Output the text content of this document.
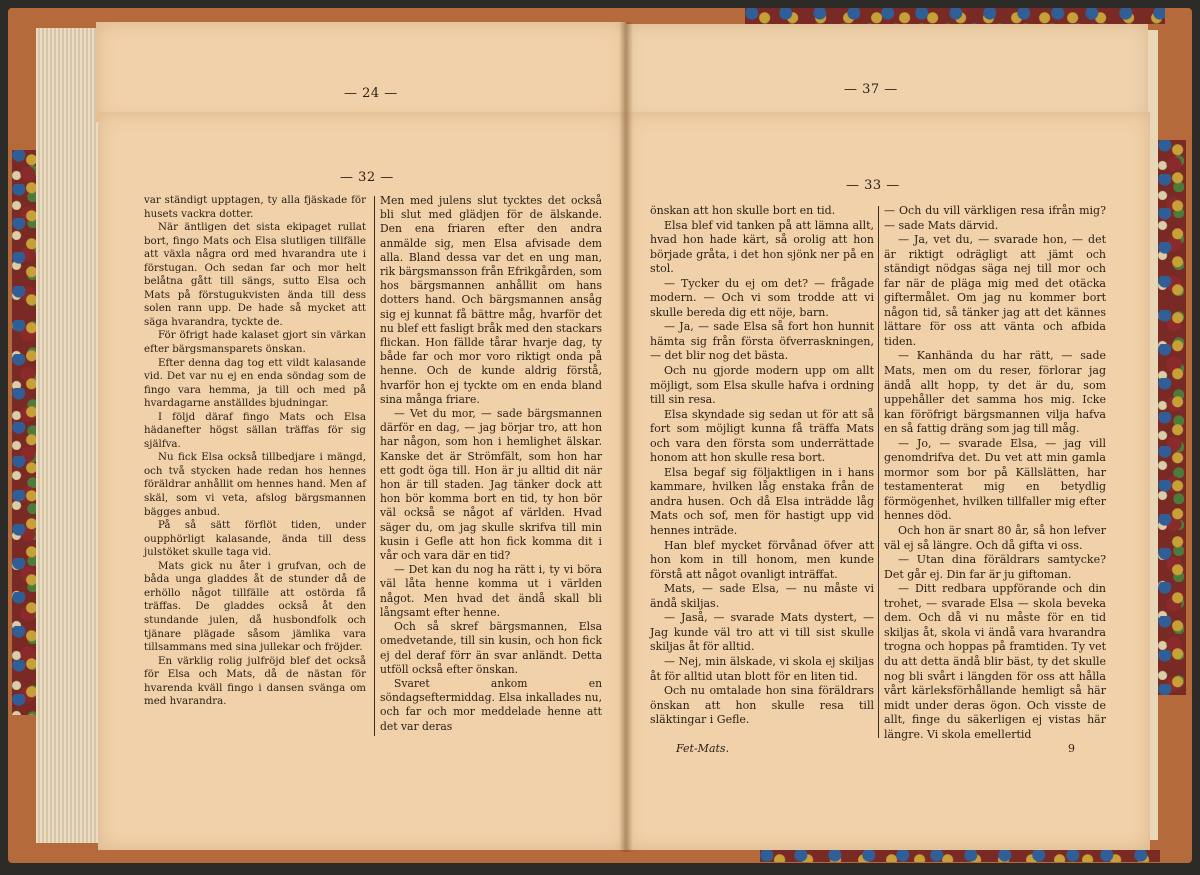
— 24 —	— 37 —
— 32 —

var ständigt upptagen, ty alla fjäskade för husets vackra dotter.

När äntligen det sista ekipaget rullat bort, fingo Mats och Elsa slutligen tillfälle att växla några ord med hvarandra ute i förstugan. Och sedan far och mor helt belåtna gått till sängs, sutto Elsa och Mats på förstugukvisten ända till dess solen rann upp. De hade så mycket att säga hvarandra, tyckte de.

För öfrigt hade kalaset gjort sin värkan efter bärgsmansparets önskan.

Efter denna dag tog ett vildt kalasande vid. Det var nu ej en enda söndag som de fingo vara hemma, ja till och med på hvardagarne anställdes bjudningar.

I följd däraf fingo Mats och Elsa hädanefter högst sällan träffas för sig själfva.

Nu fick Elsa också tillbedjare i mängd, och två stycken hade redan hos hennes föräldrar anhållit om hennes hand. Men af skäl, som vi veta, afslog bärgsmannen bägges anbud.

På så sätt förflöt tiden, under oupphörligt kalasande, ända till dess julstöket skulle taga vid.

Mats gick nu åter i grufvan, och de båda unga gladdes åt de stunder då de erhöllo något tillfälle att ostörda få träffas. De gladdes också åt den stundande julen, då husbondfolk och tjänare plägade såsom jämlika vara tillsammans med sina jullekar och fröjder.

En värklig rolig julfröjd blef det också för Elsa och Mats, då de nästan för hvarenda kväll fingo i dansen svänga om med hvarandra.

Men med julens slut tycktes det också bli slut med glädjen för de älskande. Den ena friaren efter den andra anmälde sig, men Elsa afvisade dem alla. Bland dessa var det en ung man, rik bärgsmansson från Efrikgården, som hos bärgsmannen anhållit om hans dotters hand. Och bärgsmannen ansåg sig ej kunnat få bättre måg, hvarför det nu blef ett fasligt bråk med den stackars flickan. Hon fällde tårar hvarje dag, ty både far och mor voro riktigt onda på henne. Och de kunde aldrig förstå, hvarför hon ej tyckte om en enda bland sina många friare.

— Vet du mor, — sade bärgsmannen därför en dag, — jag börjar tro, att hon har någon, som hon i hemlighet älskar. Kanske det är Strömfält, som hon har ett godt öga till. Hon är ju alltid dit när hon är till staden. Jag tänker dock att hon bör komma bort en tid, ty hon bör väl också se något af världen. Hvad säger du, om jag skulle skrifva till min kusin i Gefle att hon fick komma dit i vår och vara där en tid?

— Det kan du nog ha rätt i, ty vi böra väl låta henne komma ut i världen något. Men hvad det ändå skall bli långsamt efter henne.

Och så skref bärgsmannen, Elsa omedvetande, till sin kusin, och hon fick ej del deraf förr än svar anländt. Detta utföll också efter önskan.

Svaret ankom en söndagseftermiddag. Elsa inkallades nu, och far och mor meddelade henne att det var deras

— 33 —

önskan att hon skulle bort en tid.

Elsa blef vid tanken på att lämna allt, hvad hon hade kärt, så orolig att hon började gråta, i det hon sjönk ner på en stol.

— Tycker du ej om det? — frågade modern. — Och vi som trodde att vi skulle bereda dig ett nöje, barn.

— Ja, — sade Elsa så fort hon hunnit hämta sig från första öfverraskningen, — det blir nog det bästa.

Och nu gjorde modern upp om allt möjligt, som Elsa skulle hafva i ordning till sin resa.

Elsa skyndade sig sedan ut för att så fort som möjligt kunna få träffa Mats och vara den första som underrättade honom att hon skulle resa bort.

Elsa begaf sig följaktligen in i hans kammare, hvilken låg enstaka från de andra husen. Och då Elsa inträdde låg Mats och sof, men för hastigt upp vid hennes inträde.

Han blef mycket förvånad öfver att hon kom in till honom, men kunde förstå att något ovanligt inträffat.

Mats, — sade Elsa, — nu måste vi ändå skiljas.

— Jaså, — svarade Mats dystert, — Jag kunde väl tro att vi till sist skulle skiljas åt för alltid.

— Nej, min älskade, vi skola ej skiljas åt för alltid utan blott för en liten tid.

Och nu omtalade hon sina föräldrars önskan att hon skulle resa till släktingar i Gefle.

— Och du vill värkligen resa ifrån mig? — sade Mats därvid.

— Ja, vet du, — svarade hon, — det är riktigt odrägligt att jämt och ständigt nödgas säga nej till mor och far när de pläga mig med det otäcka giftermålet. Om jag nu kommer bort någon tid, så tänker jag att det kännes lättare för oss att vänta och afbida tiden.

— Kanhända du har rätt, — sade Mats, men om du reser, förlorar jag ändå allt hopp, ty det är du, som uppehåller det samma hos mig. Icke kan föröfrigt bärgsmannen vilja hafva en så fattig dräng som jag till måg.

— Jo, — svarade Elsa, — jag vill genomdrifva det. Du vet att min gamla mormor som bor på Källslätten, har testamenterat mig en betydlig förmögenhet, hvilken tillfaller mig efter hennes död.

Och hon är snart 80 år, så hon lefver väl ej så längre. Och då gifta vi oss.

— Utan dina föräldrars samtycke? Det går ej. Din far är ju giftoman.

— Ditt redbara uppförande och din trohet, — svarade Elsa — skola beveka dem. Och då vi nu måste för en tid skiljas åt, skola vi ändå vara hvarandra trogna och hoppas på framtiden. Ty vet du att detta ändå blir bäst, ty det skulle nog bli svårt i längden för oss att hålla vårt kärleksförhållande hemligt så här midt under deras ögon. Och visste de allt, finge du säkerligen ej vistas här längre. Vi skola emellertid

Fet-Mats.	9
